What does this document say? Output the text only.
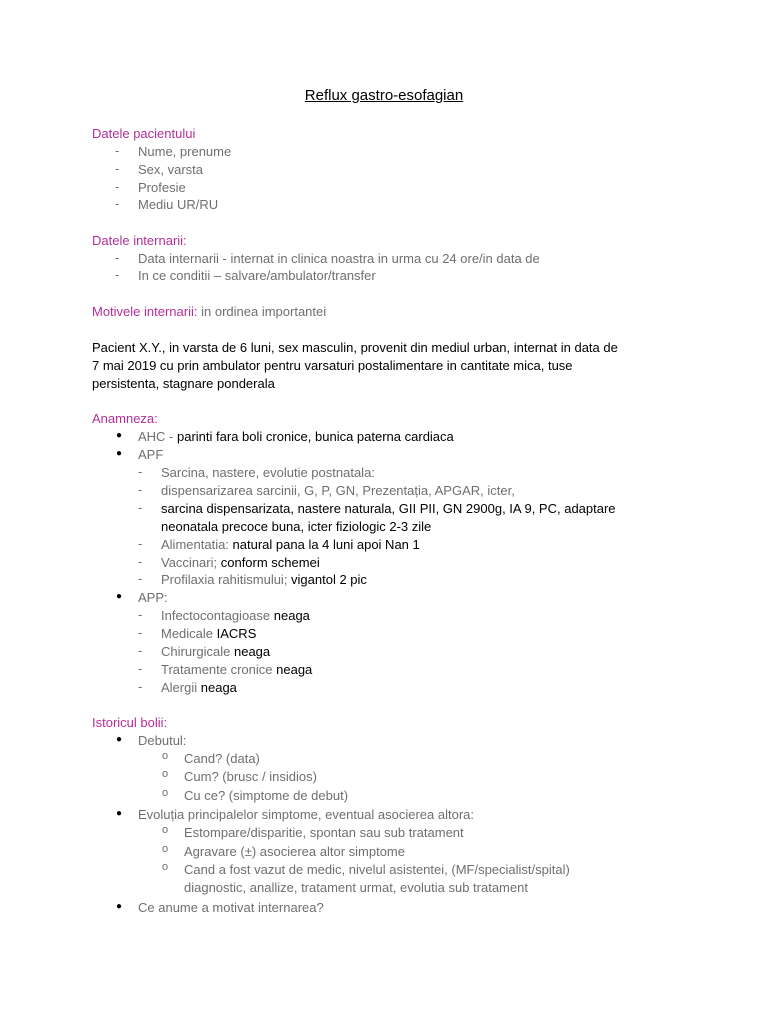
Reflux gastro-esofagian
Datele pacientului
- Nume, prenume
- Sex, varsta
- Profesie
- Mediu UR/RU
Datele internarii:
- Data internarii - internat in clinica noastra in urma cu 24 ore/in data de
- In ce conditii – salvare/ambulator/transfer
Motivele internarii: in ordinea importantei
Pacient X.Y., in varsta de 6 luni, sex masculin, provenit din mediul urban, internat in data de
7 mai 2019 cu prin ambulator pentru varsaturi postalimentare in cantitate mica, tuse
persistenta, stagnare ponderala
Anamneza:
● AHC - parinti fara boli cronice, bunica paterna cardiaca
● APF
- Sarcina, nastere, evolutie postnatala:
- dispensarizarea sarcinii, G, P, GN, Prezentația, APGAR, icter,
- sarcina dispensarizata, nastere naturala, GII PII, GN 2900g, IA 9, PC, adaptare
neonatala precoce buna, icter fiziologic 2-3 zile
- Alimentatia: natural pana la 4 luni apoi Nan 1
- Vaccinari; conform schemei
- Profilaxia rahitismului; vigantol 2 pic
● APP:
- Infectocontagioase neaga
- Medicale IACRS
- Chirurgicale neaga
- Tratamente cronice neaga
- Alergii neaga
Istoricul bolii:
● Debutul:
o Cand? (data)
o Cum? (brusc / insidios)
o Cu ce? (simptome de debut)
● Evoluția principalelor simptome, eventual asocierea altora:
o Estompare/disparitie, spontan sau sub tratament
o Agravare (±) asocierea altor simptome
o Cand a fost vazut de medic, nivelul asistentei, (MF/specialist/spital)
diagnostic, anallize, tratament urmat, evolutia sub tratament
● Ce anume a motivat internarea?
